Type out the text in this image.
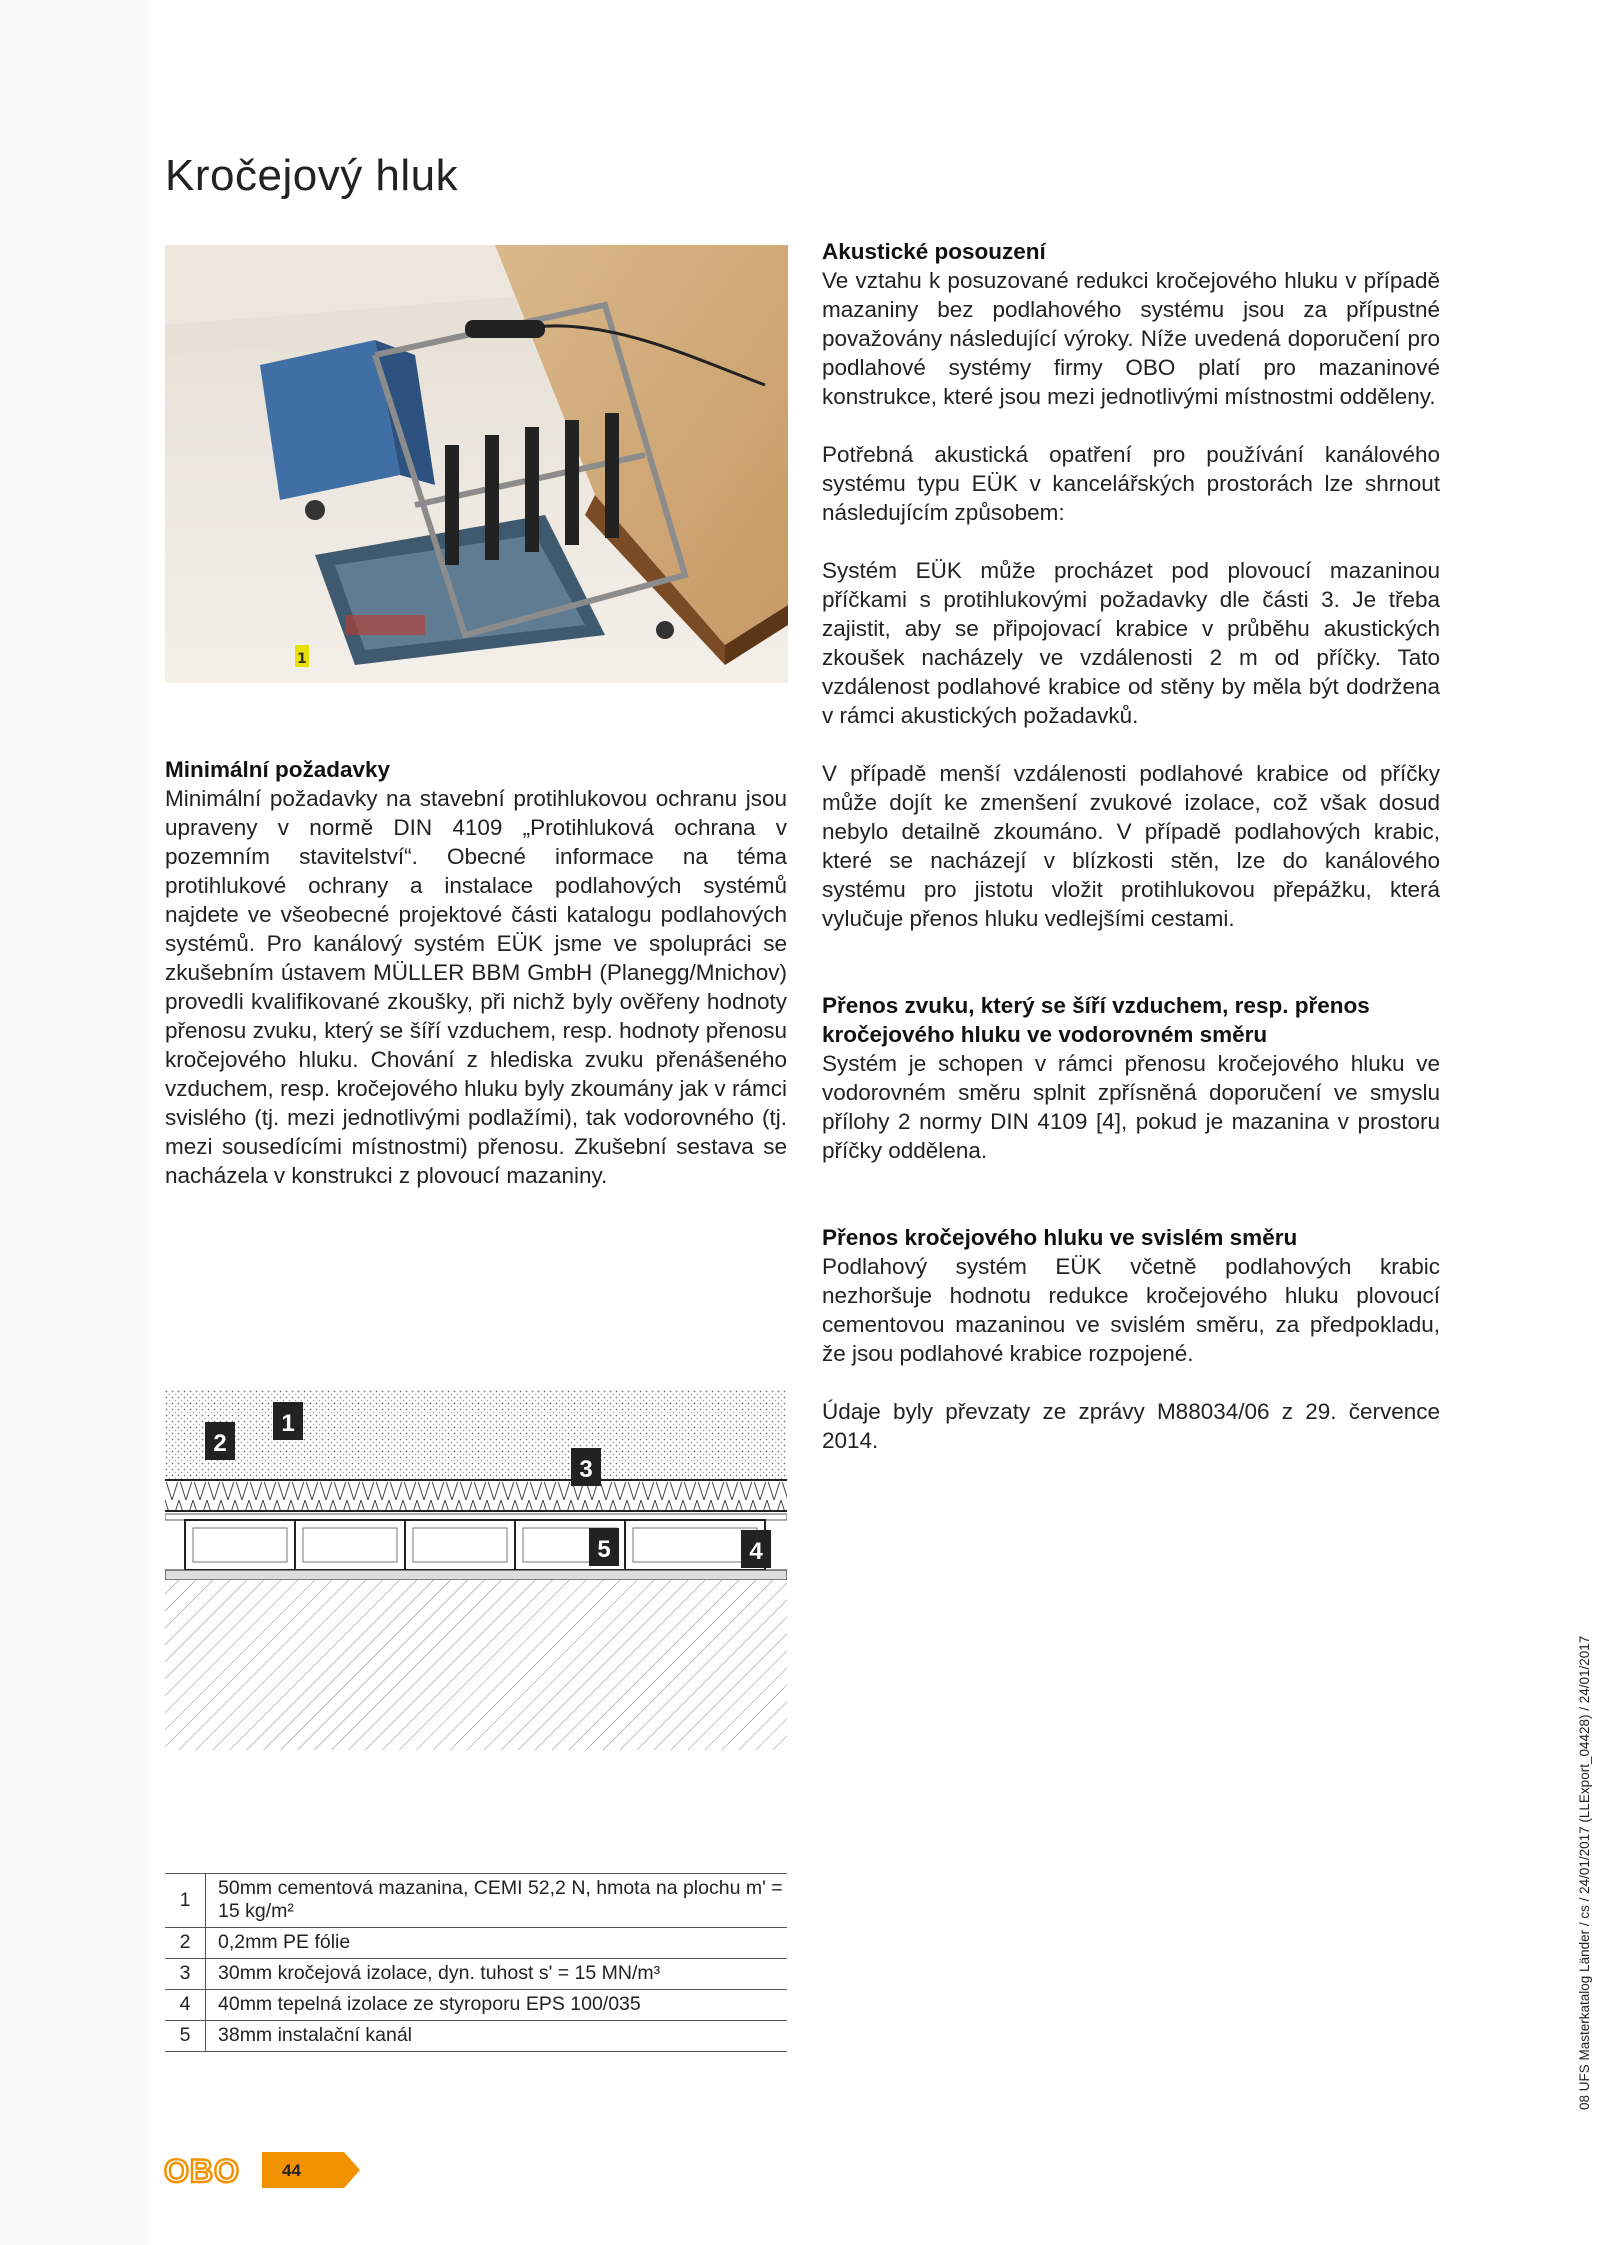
Kročejový hluk
1

Minimální požadavky

Minimální požadavky na stavební protihlukovou ochranu jsou upraveny v normě DIN 4109 „Protihluková ochrana v pozemním stavitelství“. Obecné informace na téma protihlukové ochrany a instalace podlahových systémů najdete ve všeobecné projektové části katalogu podlahových systémů. Pro kanálový systém EÜK jsme ve spolupráci se zkušebním ústavem MÜLLER BBM GmbH (Planegg/Mnichov) provedli kvalifikované zkoušky, při nichž byly ověřeny hodnoty přenosu zvuku, který se šíří vzduchem, resp. hodnoty přenosu kročejového hluku. Chování z hlediska zvuku přenášeného vzduchem, resp. kročejového hluku byly zkoumány jak v rámci svislého (tj. mezi jednotlivými podlažími), tak vodorovného (tj. mezi sousedícími místnostmi) přenosu. Zkušební sestava se nacházela v konstrukci z plovoucí mazaniny.

Akustické posouzení

Ve vztahu k posuzované redukci kročejového hluku v případě mazaniny bez podlahového systému jsou za přípustné považovány následující výroky. Níže uvedená doporučení pro podlahové systémy firmy OBO platí pro mazaninové konstrukce, které jsou mezi jednotlivými místnostmi odděleny.

Potřebná akustická opatření pro používání kanálového systému typu EÜK v kancelářských prostorách lze shrnout následujícím způsobem:

Systém EÜK může procházet pod plovoucí mazaninou příčkami s protihlukovými požadavky dle části 3. Je třeba zajistit, aby se připojovací krabice v průběhu akustických zkoušek nacházely ve vzdálenosti 2 m od příčky. Tato vzdálenost podlahové krabice od stěny by měla být dodržena v rámci akustických požadavků.

V případě menší vzdálenosti podlahové krabice od příčky může dojít ke zmenšení zvukové izolace, což však dosud nebylo detailně zkoumáno. V případě podlahových krabic, které se nacházejí v blízkosti stěn, lze do kanálového systému pro jistotu vložit protihlukovou přepážku, která vylučuje přenos hluku vedlejšími cestami.

Přenos zvuku, který se šíří vzduchem, resp. přenos kročejového hluku ve vodorovném směru

Systém je schopen v rámci přenosu kročejového hluku ve vodorovném směru splnit zpřísněná doporučení ve smyslu přílohy 2 normy DIN 4109 [4], pokud je mazanina v prostoru příčky oddělena.

Přenos kročejového hluku ve svislém směru

Podlahový systém EÜK včetně podlahových krabic nezhoršuje hodnotu redukce kročejového hluku plovoucí cementovou mazaninou ve svislém směru, za předpokladu, že jsou podlahové krabice rozpojené.

Údaje byly převzaty ze zprávy M88034/06 z 29. července 2014.

1
2
3
4
5
1	50mm cementová mazanina, CEMI 52,2 N, hmota na plochu m' = 15 kg/m²
2	0,2mm PE fólie
3	30mm kročejová izolace, dyn. tuhost s' = 15 MN/m³
4	40mm tepelná izolace ze styroporu EPS 100/035
5	38mm instalační kanál	08 UFS Masterkatalog Länder / cs / 24/01/2017 (LLExport_04428) / 24/01/2017
OBO 44
